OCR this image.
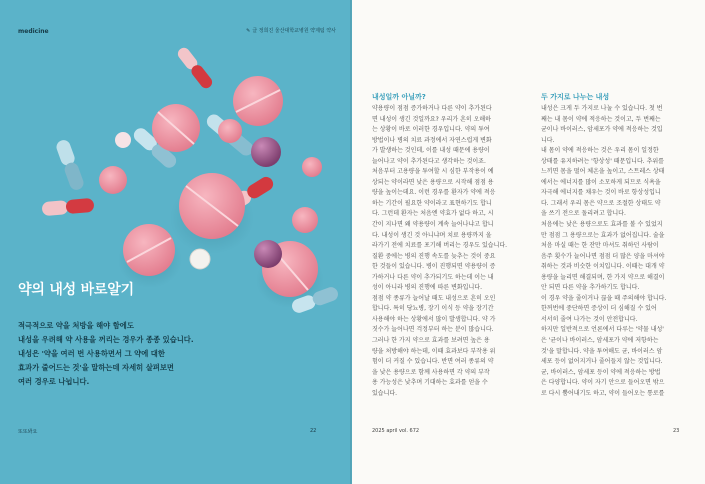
medicine	✎ 글 정희진 울산대학교병원 약제팀 약사
약의 내성 바로알기
적극적으로 약을 처방을 해야 함에도
내성을 우려해 약 사용을 꺼리는 경우가 종종 있습니다.
내성은 '약을 여러 번 사용하면서 그 약에 대한
효과가 줄어드는 것'을 말하는데 자세히 살펴보면
여러 경우로 나뉩니다.
또또봐요	22
내성일까 아닐까?
약용량이 점점 증가하거나 다른 약이 추가된다
면 내성이 생긴 것일까요? 우리가 흔히 오해하
는 상황이 바로 이러한 경우입니다. 약의 투여
방법이나 병의 치료 과정에서 자연스럽게 변화
가 발생하는 것인데, 이를 내성 때문에 용량이
늘어나고 약이 추가된다고 생각하는 것이죠.
처음부터 고용량을 투여할 시 심한 부작용이 예
상되는 약이라면 낮은 용량으로 시작해 점점 용
량을 높이는데요. 이런 경우를 환자가 약에 적응
하는 기간이 필요한 약이라고 표현하기도 합니
다. 그런데 환자는 처음엔 약효가 없다 하고, 시
간이 지나면 왜 약용량이 계속 늘어나냐고 합니
다. 내성이 생긴 것 아니냐며 치료 용량까지 올
라가기 전에 치료를 포기해 버리는 경우도 있습니다.
질환 중에는 병의 진행 속도를 늦추는 것이 중요
한 것들이 있습니다. 병이 진행되면 약용량이 증
가하거나 다른 약이 추가되기도 하는데 이는 내
성이 아니라 병의 진행에 따른 변화입니다.
점점 약 종류가 늘어날 때도 내성으로 흔히 오인
합니다. 특히 당뇨병, 장기 이식 등 약을 장기간
사용해야 하는 상황에서 많이 발생합니다. 약 가
짓수가 늘어나면 걱정부터 하는 분이 많습니다.
그러나 한 가지 약으로 효과를 보려면 높은 용
량을 처방해야 하는데, 이때 효과보다 부작용 위
험이 더 커질 수 있습니다. 반면 여러 종류의 약
을 낮은 용량으로 함께 사용하면 각 약의 부작
용 가능성은 낮추며 기대하는 효과를 얻을 수
있습니다.
두 가지로 나누는 내성
내성은 크게 두 가지로 나눌 수 있습니다. 첫 번
째는 내 몸이 약에 적응하는 것이고, 두 번째는
균이나 바이러스, 암세포가 약에 적응하는 것입
니다.
내 몸이 약에 적응하는 것은 우리 몸이 일정한
상태를 유지하려는 '항상성' 때문입니다. 추위를
느끼면 몸을 떨어 체온을 높이고, 스트레스 상태
에서는 에너지를 많이 소모하게 되므로 식욕을
자극해 에너지를 채우는 것이 바로 항상성입니
다. 그래서 우리 몸은 약으로 조절한 상태도 약
을 쓰기 전으로 돌리려고 합니다.
처음에는 낮은 용량으로도 효과를 볼 수 있었지
만 점점 그 용량으로는 효과가 없어집니다. 술을
처음 마실 때는 한 잔만 마셔도 취하던 사람이
음주 횟수가 늘어나면 점점 더 많은 양을 마셔야
취하는 것과 비슷한 이치입니다. 이때는 대개 약
용량을 늘리면 해결되며, 한 가지 약으로 해결이
안 되면 다른 약을 추가하기도 합니다.
이 경우 약을 줄이거나 끊을 때 주의해야 합니다.
한꺼번에 중단하면 증상이 더 심해질 수 있어
서서히 줄여 나가는 것이 안전합니다.
하지만 일반적으로 언론에서 다루는 '약물 내성'
은 '균이나 바이러스, 암세포가 약에 저항하는
것'을 말합니다. 약을 투여해도 균, 바이러스 암
세포 등이 없어지거나 줄어들지 않는 것입니다.
균, 바이러스, 암세포 등이 약에 적응하는 방법
은 다양합니다. 약이 자기 안으로 들어오면 밖으
로 다시 뿜어내기도 하고, 약이 들어오는 통로를
2025 april vol. 672	23
